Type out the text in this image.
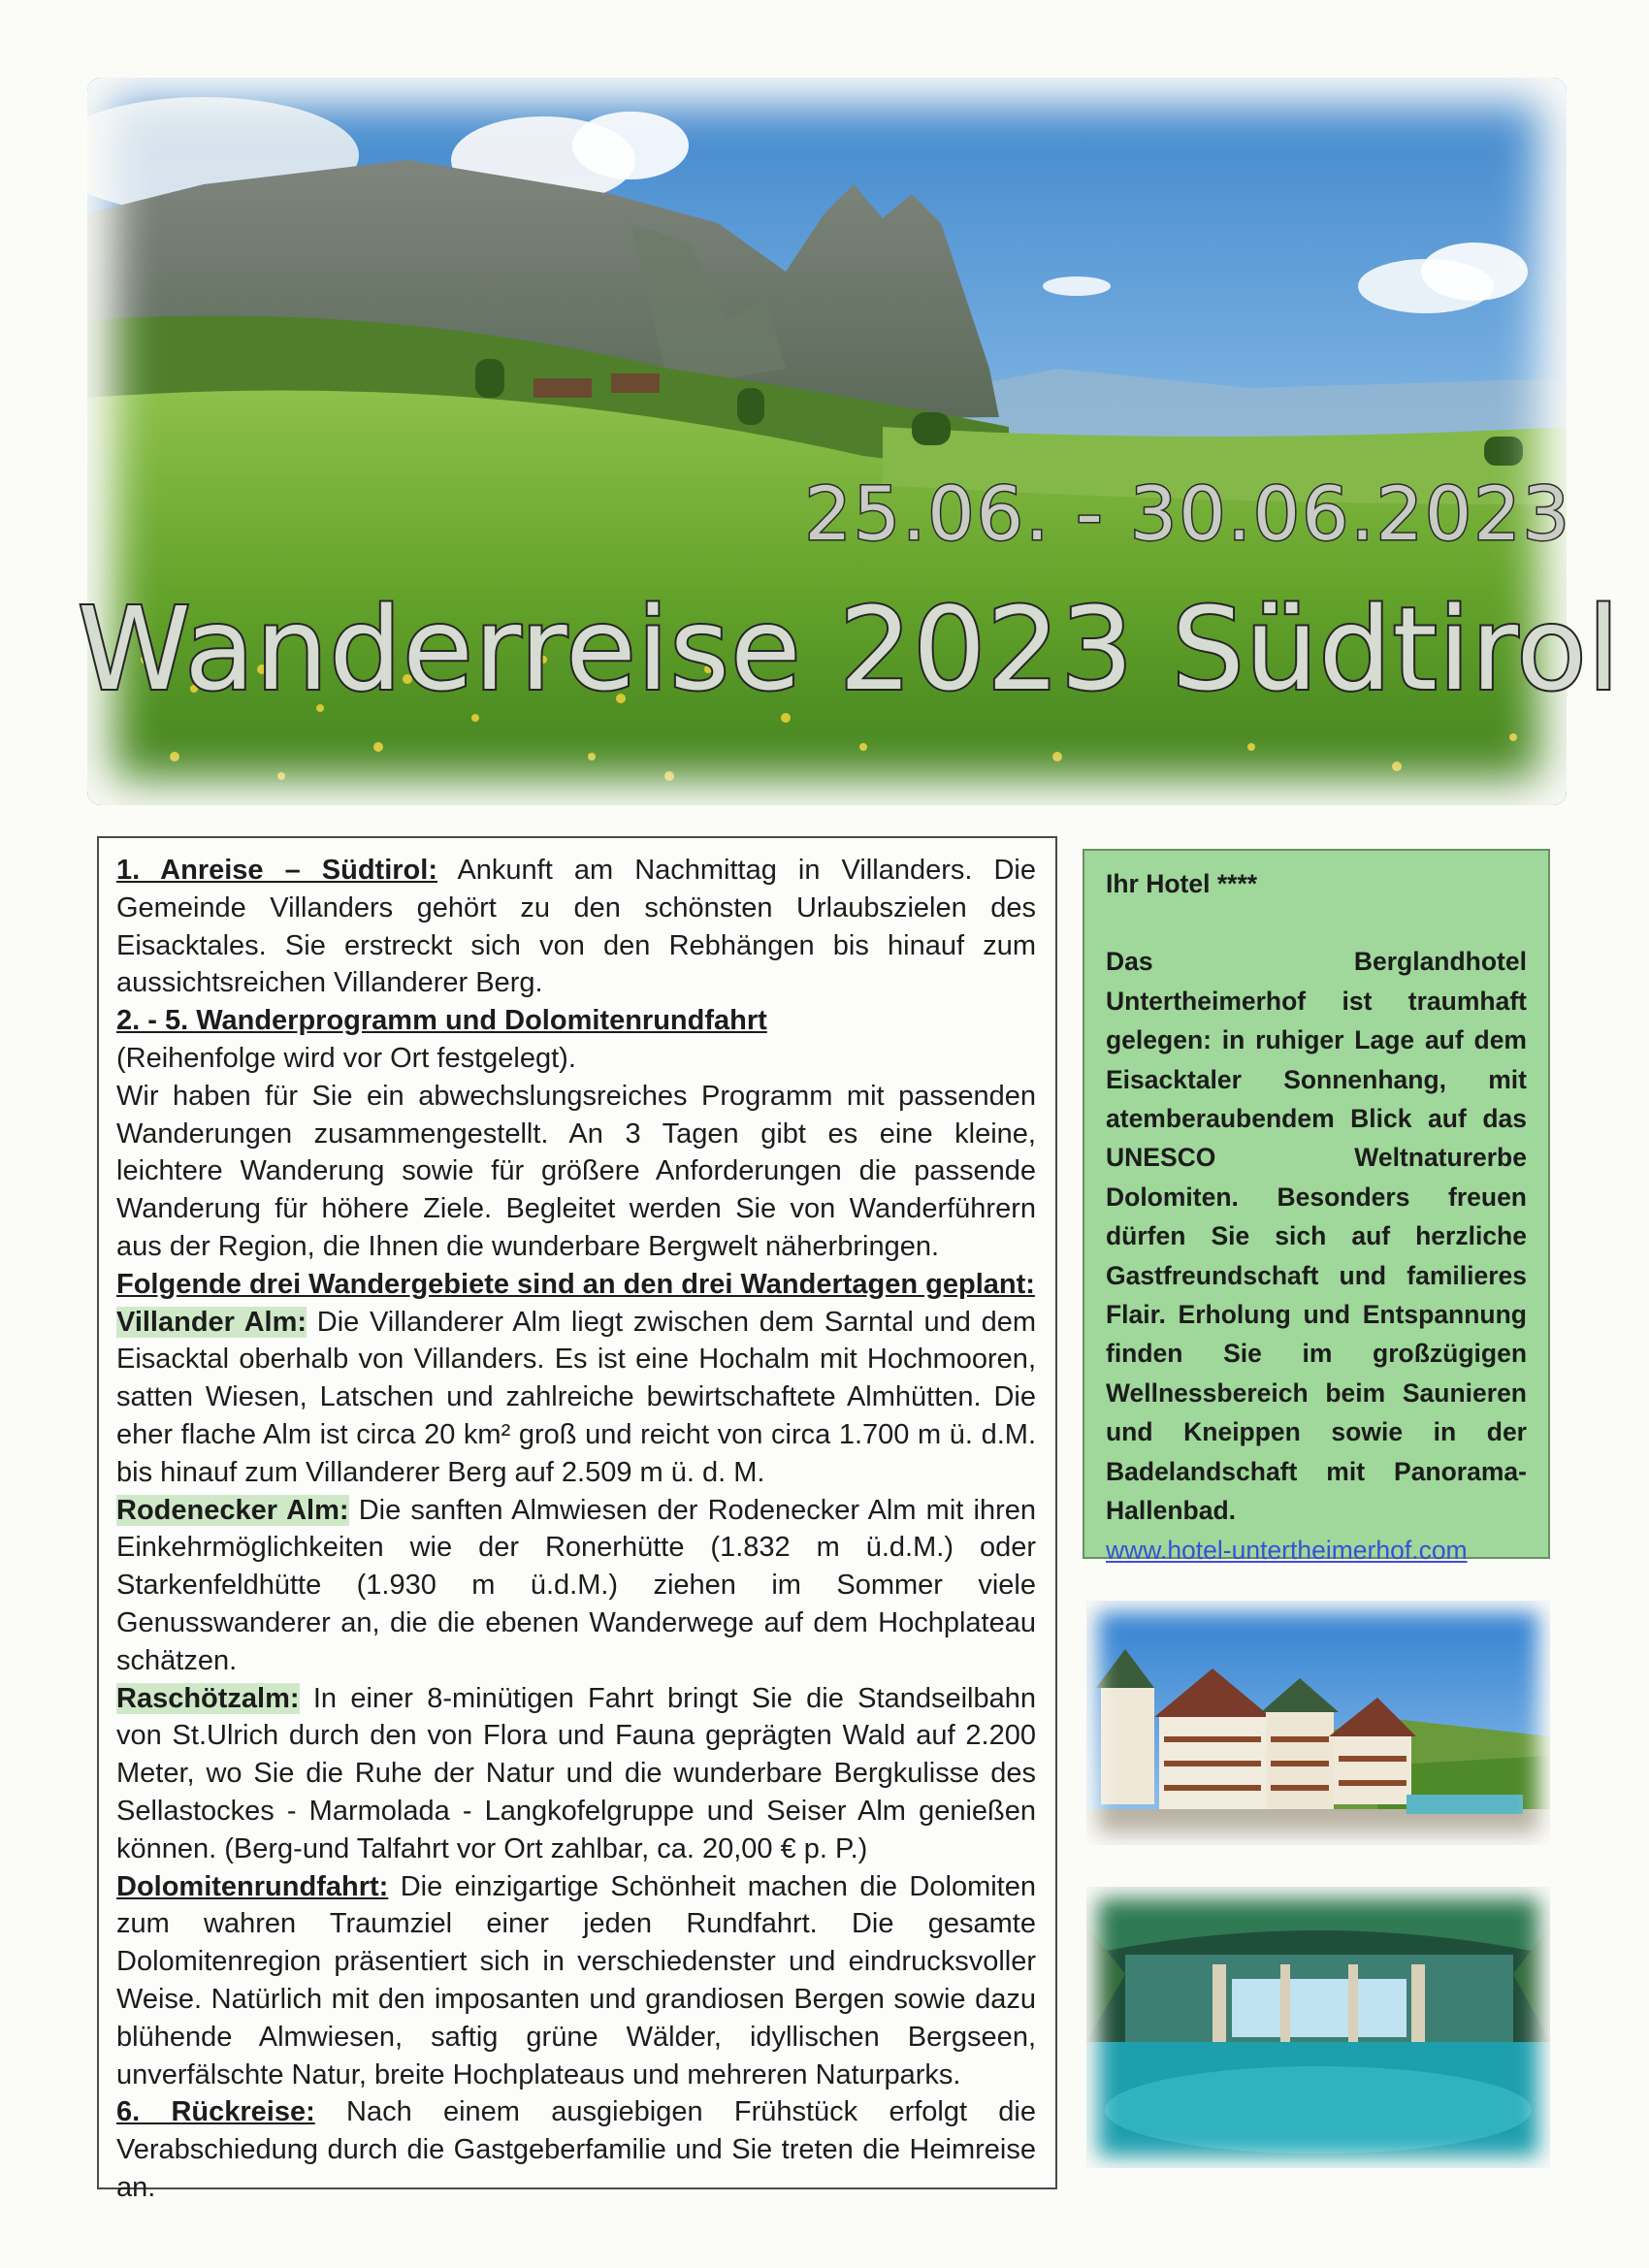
25.06. - 30.06.2023
Wanderreise 2023 Südtirol

1. Anreise – Südtirol: Ankunft am Nachmittag in Villanders. Die Gemeinde Villanders gehört zu den schönsten Urlaubszielen des Eisacktales. Sie erstreckt sich von den Rebhängen bis hinauf zum aussichtsreichen Villanderer Berg.

2. - 5. Wanderprogramm und Dolomitenrundfahrt

(Reihenfolge wird vor Ort festgelegt).

Wir haben für Sie ein abwechslungsreiches Programm mit passenden Wanderungen zusammengestellt. An 3 Tagen gibt es eine kleine, leichtere Wanderung sowie für größere Anforderungen die passende Wanderung für höhere Ziele. Begleitet werden Sie von Wanderführern aus der Region, die Ihnen die wunderbare Bergwelt näherbringen.

Folgende drei Wandergebiete sind an den drei Wandertagen geplant:

Villander Alm: Die Villanderer Alm liegt zwischen dem Sarntal und dem Eisacktal oberhalb von Villanders. Es ist eine Hochalm mit Hochmooren, satten Wiesen, Latschen und zahlreiche bewirtschaftete Almhütten. Die eher flache Alm ist circa 20 km² groß und reicht von circa 1.700 m ü. d.M. bis hinauf zum Villanderer Berg auf 2.509 m ü. d. M.

Rodenecker Alm: Die sanften Almwiesen der Rodenecker Alm mit ihren Einkehrmöglichkeiten wie der Ronerhütte (1.832 m ü.d.M.) oder Starkenfeldhütte (1.930 m ü.d.M.) ziehen im Sommer viele Genusswanderer an, die die ebenen Wanderwege auf dem Hochplateau schätzen.

Raschötzalm: In einer 8-minütigen Fahrt bringt Sie die Standseilbahn von St.Ulrich durch den von Flora und Fauna geprägten Wald auf 2.200 Meter, wo Sie die Ruhe der Natur und die wunderbare Bergkulisse des Sellastockes - Marmolada - Langkofelgruppe und Seiser Alm genießen können. (Berg-und Talfahrt vor Ort zahlbar, ca. 20,00 € p. P.)

Dolomitenrundfahrt: Die einzigartige Schönheit machen die Dolomiten zum wahren Traumziel einer jeden Rundfahrt. Die gesamte Dolomitenregion präsentiert sich in verschiedenster und eindrucksvoller Weise. Natürlich mit den imposanten und grandiosen Bergen sowie dazu blühende Almwiesen, saftig grüne Wälder, idyllischen Bergseen, unverfälschte Natur, breite Hochplateaus und mehreren Naturparks.

6. Rückreise: Nach einem ausgiebigen Frühstück erfolgt die Verabschiedung durch die Gastgeberfamilie und Sie treten die Heimreise an.

Ihr Hotel ****

Das Berglandhotel Untertheimerhof ist traumhaft gelegen: in ruhiger Lage auf dem Eisacktaler Sonnenhang, mit atemberaubendem Blick auf das UNESCO Weltnaturerbe Dolomiten. Besonders freuen dürfen Sie sich auf herzliche Gastfreundschaft und familieres Flair. Erholung und Entspannung finden Sie im großzügigen Wellnessbereich beim Saunieren und Kneippen sowie in der Badelandschaft mit Panorama-Hallenbad.

www.hotel-untertheimerhof.com
